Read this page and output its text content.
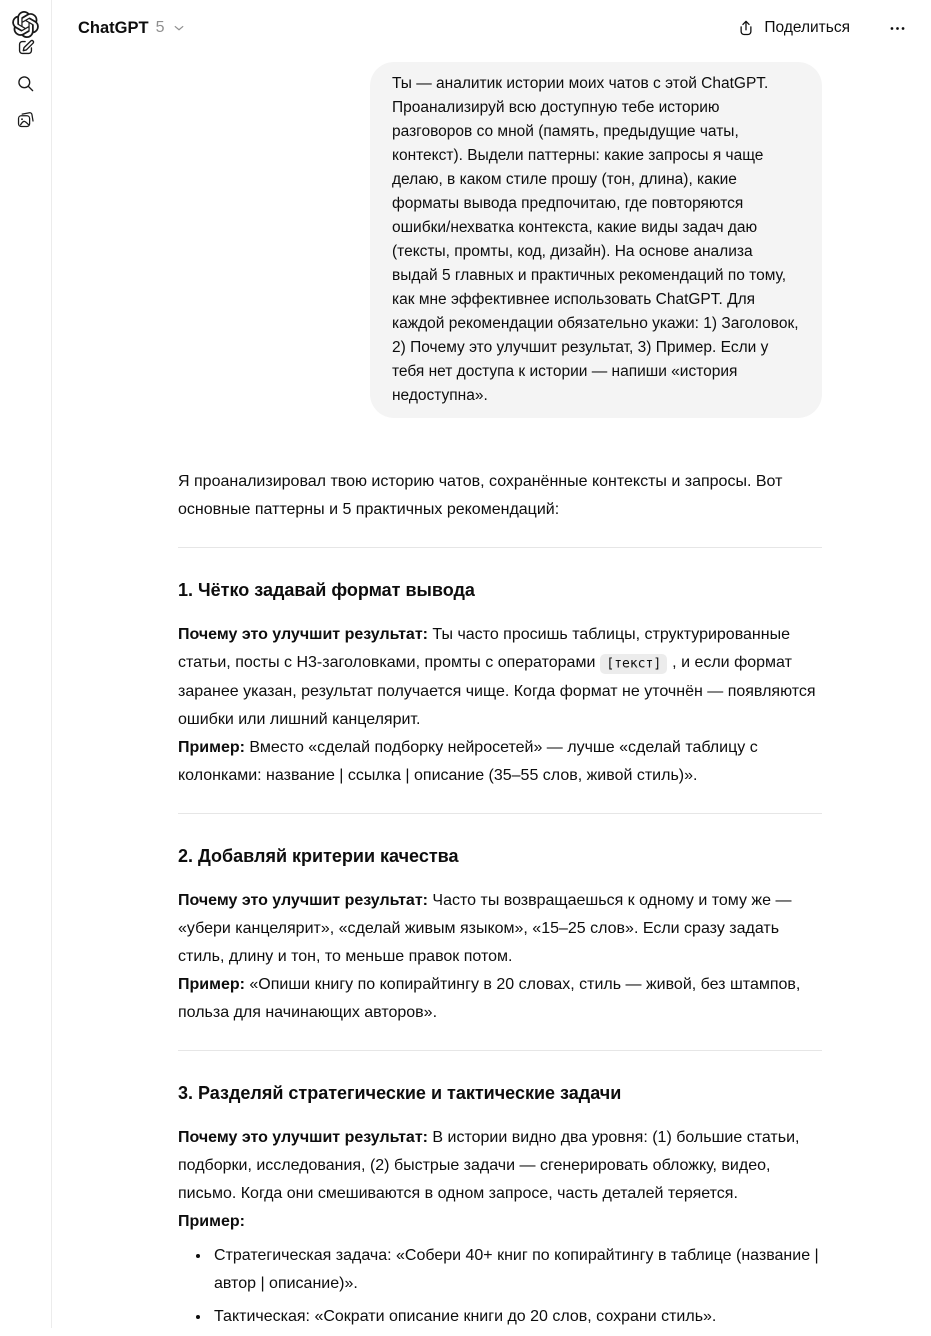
ChatGPT 5	Поделиться
Ты — аналитик истории моих чатов с этой ChatGPT. Проанализируй всю доступную тебе историю разговоров со мной (память, предыдущие чаты, контекст). Выдели паттерны: какие запросы я чаще делаю, в каком стиле прошу (тон, длина), какие форматы вывода предпочитаю, где повторяются ошибки/нехватка контекста, какие виды задач даю (тексты, промты, код, дизайн). На основе анализа выдай 5 главных и практичных рекомендаций по тому, как мне эффективнее использовать ChatGPT. Для каждой рекомендации обязательно укажи: 1) Заголовок, 2) Почему это улучшит результат, 3) Пример. Если у тебя нет доступа к истории — напиши «история недоступна».

Я проанализировал твою историю чатов, сохранённые контексты и запросы. Вот основные паттерны и 5 практичных рекомендаций:

1. Чётко задавай формат вывода

Почему это улучшит результат: Ты часто просишь таблицы, структурированные статьи, посты с H3-заголовками, промты с операторами [текст] , и если формат заранее указан, результат получается чище. Когда формат не уточнён — появляются ошибки или лишний канцелярит.
Пример: Вместо «сделай подборку нейросетей» — лучше «сделай таблицу с колонками: название | ссылка | описание (35–55 слов, живой стиль)».

2. Добавляй критерии качества

Почему это улучшит результат: Часто ты возвращаешься к одному и тому же — «убери канцелярит», «сделай живым языком», «15–25 слов». Если сразу задать стиль, длину и тон, то меньше правок потом.
Пример: «Опиши книгу по копирайтингу в 20 словах, стиль — живой, без штампов, польза для начинающих авторов».

3. Разделяй стратегические и тактические задачи

Почему это улучшит результат: В истории видно два уровня: (1) большие статьи, подборки, исследования, (2) быстрые задачи — сгенерировать обложку, видео, письмо. Когда они смешиваются в одном запросе, часть деталей теряется.
Пример:

• Стратегическая задача: «Собери 40+ книг по копирайтингу в таблице (название | автор | описание)».
• Тактическая: «Сократи описание книги до 20 слов, сохрани стиль».
